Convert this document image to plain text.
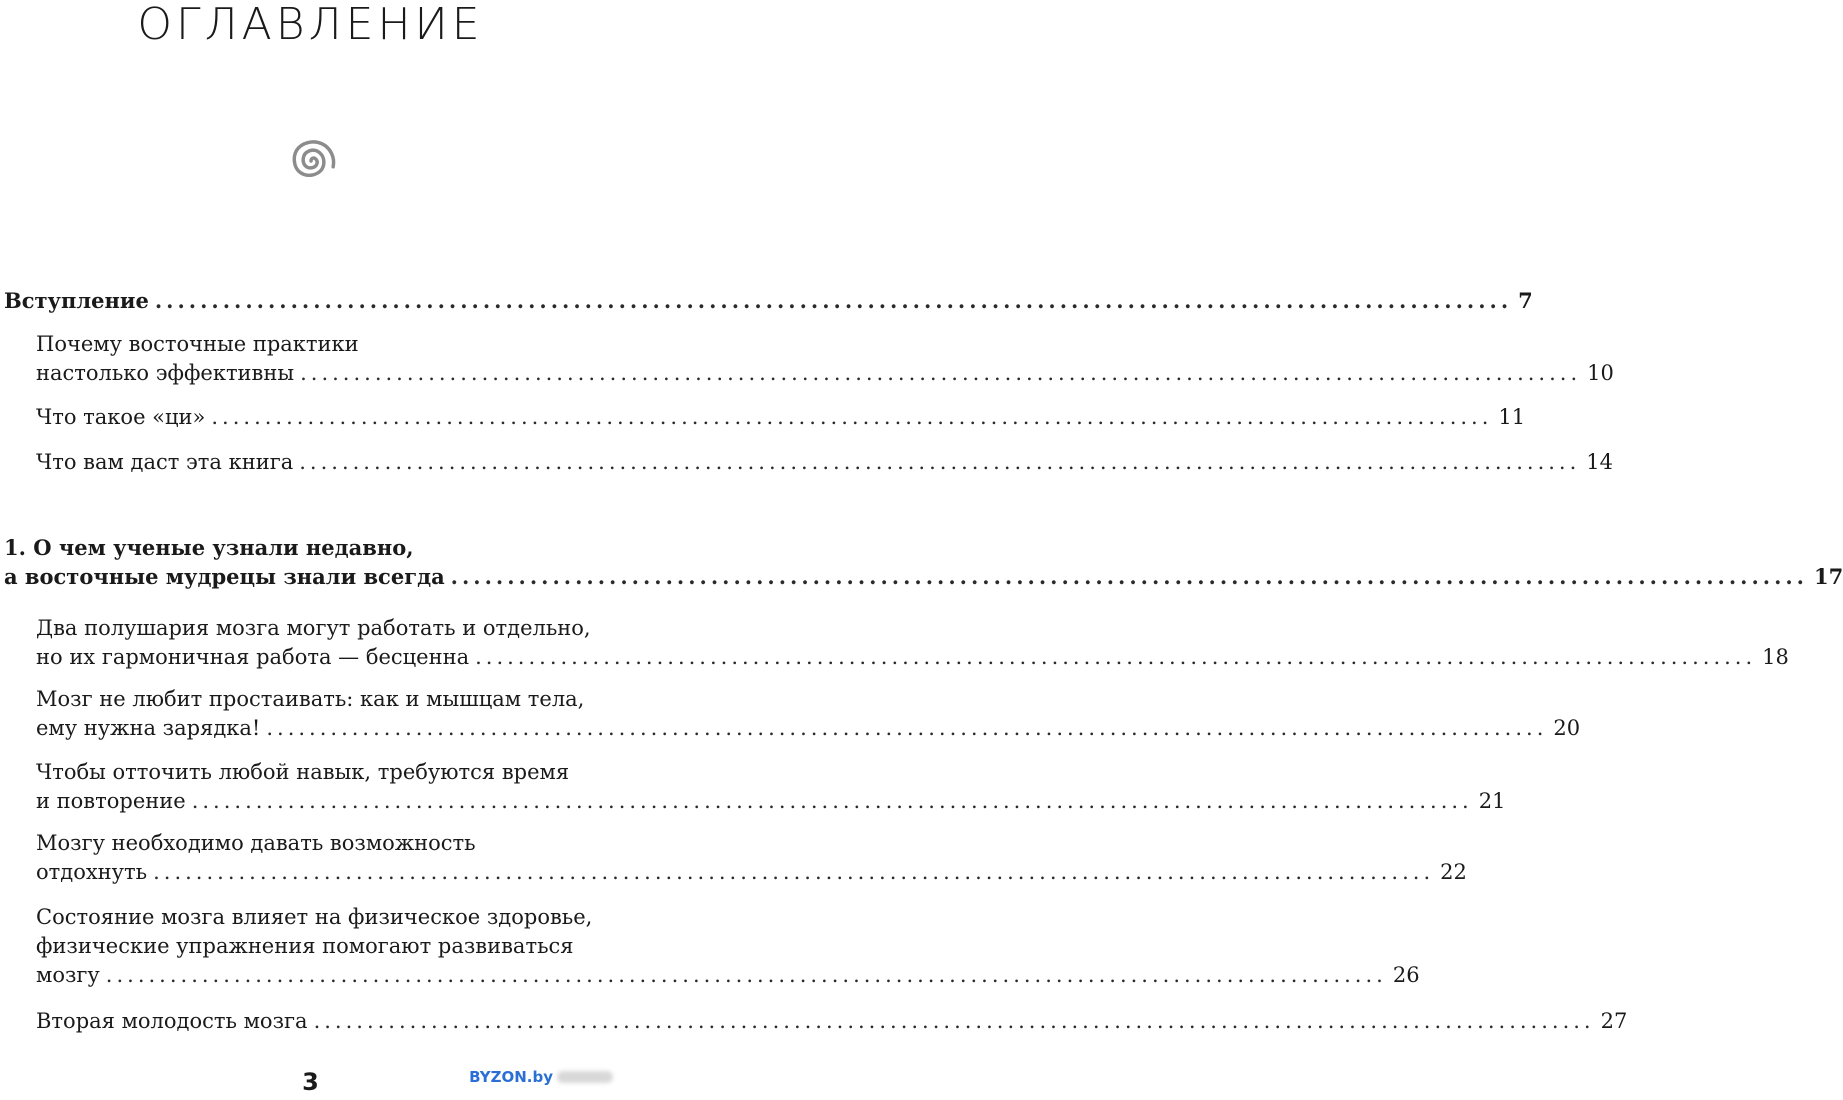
ОГЛАВЛЕНИЕ
Вступление ........................................................................................................................ 7
Почему восточные практики
настолько эффективны ........................................................................................................................ 10
Что такое «ци» ........................................................................................................................ 11
Что вам даст эта книга ........................................................................................................................ 14
1. О чем ученые узнали недавно,
а восточные мудрецы знали всегда ........................................................................................................................ 17
Два полушария мозга могут работать и отдельно,
но их гармоничная работа — бесценна ........................................................................................................................ 18
Мозг не любит простаивать: как и мышцам тела,
ему нужна зарядка! ........................................................................................................................ 20
Чтобы отточить любой навык, требуются время
и повторение ........................................................................................................................ 21
Мозгу необходимо давать возможность
отдохнуть ........................................................................................................................ 22
Состояние мозга влияет на физическое здоровье,
физические упражнения помогают развиваться
мозгу ........................................................................................................................ 26
Вторая молодость мозга ........................................................................................................................ 27
3	BYZON.by
